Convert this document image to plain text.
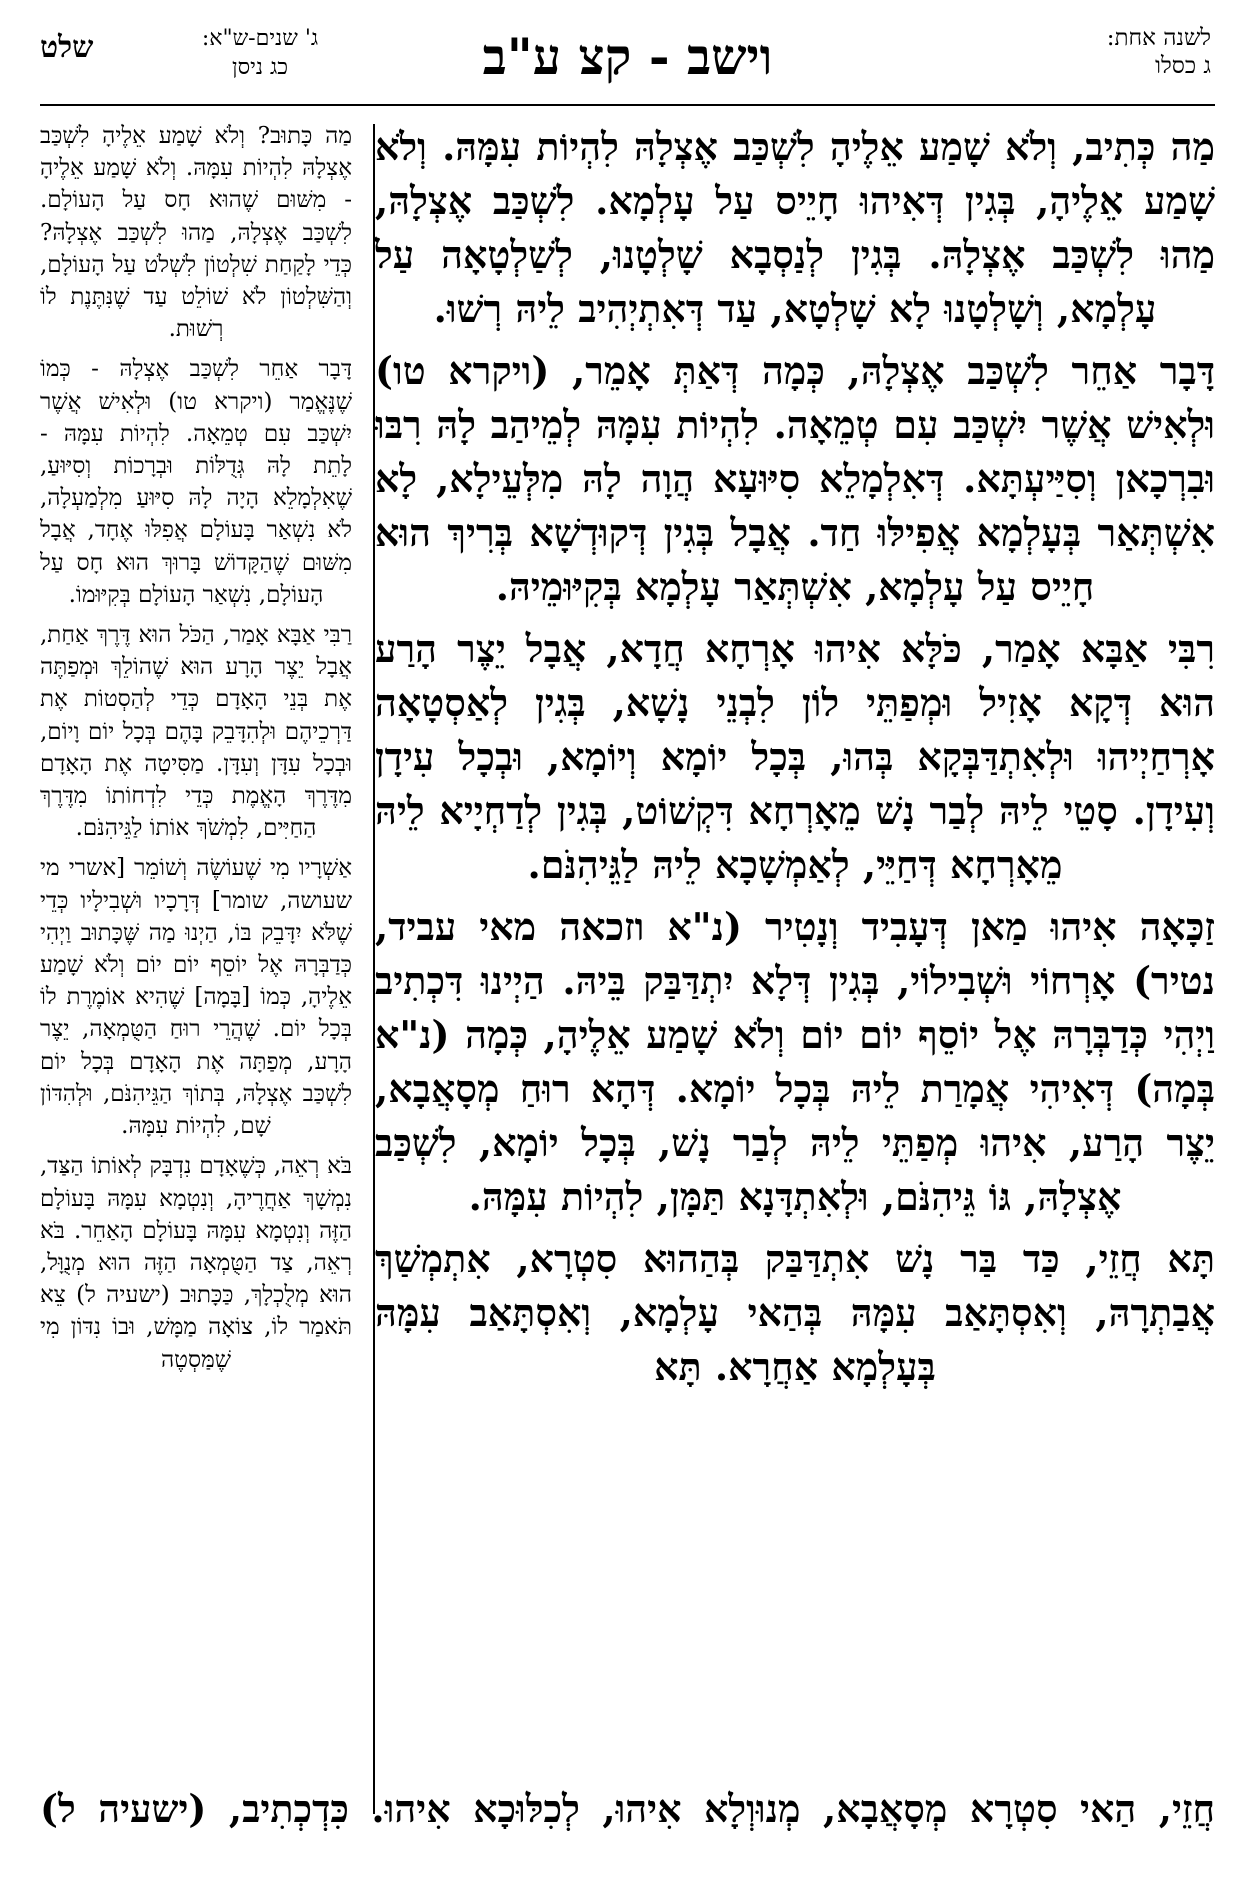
לשנה אחת:
ג כסלו
וישב - קצ ע"ב
ג' שנים-ש"א:
כג ניסן
שלט

מַה כְּתִיב, וְלֹא שָׁמַע אֵלֶיהָ לִשְׁכַּב אֶצְלָהּ לִהְיוֹת עִמָּהּ. וְלֹא שָׁמַע אֵלֶיהָ, בְּגִין דְּאִיהוּ חָיֵיס עַל עָלְמָא. לִשְׁכַּב אֶצְלָהּ, מַהוּ לִשְׁכַּב אֶצְלָהּ. בְּגִין לְנַסְבָא שָׁלְטָנוּ, לְשַׁלְטָאָה עַל עָלְמָא, וְשָׁלְטָנוּ לָא שָׁלְטָא, עַד דְּאִתְיְהִיב לֵיהּ רְשׁוּ.

דָּבָר אַחֵר לִשְׁכַּב אֶצְלָהּ, כְּמָה דְּאַתְּ אָמֵר, (ויקרא טו) וּלְאִישׁ אֲשֶׁר יִשְׁכַּב עִם טְמֵאָה. לִהְיוֹת עִמָּהּ לְמֵיהַב לָהּ רִבּוּ וּבִרְכָאן וְסִיַּיעְתָּא. דְּאִלְמָלֵא סִיּוּעָא הֲוָה לָהּ מִלְּעֵילָא, לָא אִשְׁתְּאַר בְּעָלְמָא אֲפִילּוּ חַד. אֲבָל בְּגִין דְּקוּדְשָׁא בְּרִיךְ הוּא חָיֵיס עַל עָלְמָא, אִשְׁתְּאַר עָלְמָא בְּקִיּוּמֵיהּ.

רִבִּי אַבָּא אָמַר, כֹּלָּא אִיהוּ אָרְחָא חֲדָא, אֲבָל יֵצֶר הָרַע הוּא דְּקָא אָזִיל וּמְפַתֵּי לוֹן לִבְנֵי נָשָׁא, בְּגִין לְאַסְטָאָה אָרְחַיְיהוּ וּלְאִתְדַּבְּקָא בְּהוּ, בְּכָל יוֹמָא וְיוֹמָא, וּבְכָל עִידָן וְעִידָן. סָטֵי לֵיהּ לְבַר נָשׁ מֵאָרְחָא דִּקְשׁוֹט, בְּגִין לְדַחְיָיא לֵיהּ מֵאָרְחָא דְּחַיֵּי, לְאַמְשָׁכָא לֵיהּ לַגֵּיהִנֹּם.

זַכָּאָה אִיהוּ מַאן דְּעָבִיד וְנָטִיר (נ"א וזכאה מאי עביד, נטיר) אָרְחוֹי וּשְׁבִילוֹי, בְּגִין דְּלָא יִתְדַּבַּק בֵּיהּ. הַיְינוּ דִּכְתִיב וַיְהִי כְּדַבְּרָהּ אֶל יוֹסֵף יוֹם יוֹם וְלֹא שָׁמַע אֵלֶיהָ, כְּמָה (נ"א בְּמָה) דְּאִיהִי אֲמָרַת לֵיהּ בְּכָל יוֹמָא. דְּהָא רוּחַ מְסָאֲבָא, יֵצֶר הָרַע, אִיהוּ מְפַתֵּי לֵיהּ לְבַר נָשׁ, בְּכָל יוֹמָא, לִשְׁכַּב אֶצְלָהּ, גּוֹ גֵּיהִנֹּם, וּלְאִתְדָּנָא תַּמָּן, לִהְיוֹת עִמָּהּ.

תָּא חֲזֵי, כַּד בַּר נָשׁ אִתְדַּבַּק בְּהַהוּא סִטְרָא, אִתְמְשַׁךְ אֲבַתְרָהּ, וְאִסְתָּאַב עִמָּהּ בְּהַאי עָלְמָא, וְאִסְתָּאַב עִמָּהּ בְּעָלְמָא אַחֲרָא. תָּא

מַה כָּתוּב? וְלֹא שָׁמַע אֵלֶיהָ לִשְׁכַּב אֶצְלָהּ לִהְיוֹת עִמָּהּ. וְלֹא שָׁמַע אֵלֶיהָ - מִשּׁוּם שֶׁהוּא חָס עַל הָעוֹלָם. לִשְׁכַּב אֶצְלָהּ, מַהוּ לִשְׁכַּב אֶצְלָהּ? כְּדֵי לָקַחַת שִׁלְטוֹן לִשְׁלֹט עַל הָעוֹלָם, וְהַשִּׁלְטוֹן לֹא שׁוֹלֵט עַד שֶׁנִּתֶּנֶת לוֹ רְשׁוּת.

דָּבָר אַחֵר לִשְׁכַּב אֶצְלָהּ - כְּמוֹ שֶׁנֶּאֱמַר (ויקרא טו) וּלְאִישׁ אֲשֶׁר יִשְׁכַּב עִם טְמֵאָה. לִהְיוֹת עִמָּהּ - לָתֵת לָהּ גְּדֻלּוֹת וּבְרָכוֹת וְסִיּוּעַ, שֶׁאִלְמָלֵא הָיָה לָהּ סִיּוּעַ מִלְמַעְלָה, לֹא נִשְׁאַר בָּעוֹלָם אֲפִלּוּ אֶחָד, אֲבָל מִשּׁוּם שֶׁהַקָּדוֹשׁ בָּרוּךְ הוּא חָס עַל הָעוֹלָם, נִשְׁאַר הָעוֹלָם בְּקִיּוּמוֹ.

רַבִּי אַבָּא אָמַר, הַכֹּל הוּא דֶּרֶךְ אַחַת, אֲבָל יֵצֶר הָרָע הוּא שֶׁהוֹלֵךְ וּמְפַתֶּה אֶת בְּנֵי הָאָדָם כְּדֵי לְהַסְטוֹת אֶת דַּרְכֵיהֶם וּלְהִדָּבֵק בָּהֶם בְּכָל יוֹם וָיוֹם, וּבְכָל עִדָּן וְעִדָּן. מַסִּיטָה אֶת הָאָדָם מִדֶּרֶךְ הָאֱמֶת כְּדֵי לִדְחוֹתוֹ מִדֶּרֶךְ הַחַיִּים, לִמְשֹׁךְ אוֹתוֹ לַגֵּיהִנֹּם.

אַשְׁרָיו מִי שֶׁעוֹשֶׂה וְשׁוֹמֵר [אשרי מי שעושה, שומר] דְּרָכָיו וּשְׁבִילָיו כְּדֵי שֶׁלֹּא יִדָּבֵק בּוֹ, הַיְנוּ מַה שֶּׁכָּתוּב וַיְהִי כְּדַבְּרָהּ אֶל יוֹסֵף יוֹם יוֹם וְלֹא שָׁמַע אֵלֶיהָ, כְּמוֹ [בָּמָה] שֶׁהִיא אוֹמֶרֶת לוֹ בְּכָל יוֹם. שֶׁהֲרֵי רוּחַ הַטֻּמְאָה, יֵצֶר הָרָע, מְפַתָּה אֶת הָאָדָם בְּכָל יוֹם לִשְׁכַּב אֶצְלָהּ, בְּתוֹךְ הַגֵּיהִנֹּם, וּלְהִדּוֹן שָׁם, לִהְיוֹת עִמָּהּ.

בֹּא רְאֵה, כְּשֶׁאָדָם נִדְבָּק לְאוֹתוֹ הַצַּד, נִמְשָׁךְ אַחֲרֶיהָ, וְנִטְמָא עִמָּהּ בָּעוֹלָם הַזֶּה וְנִטְמָא עִמָּהּ בָּעוֹלָם הָאַחֵר. בֹּא רְאֵה, צַד הַטֻּמְאָה הַזֶּה הוּא מְנֻוָּל, הוּא מְלֻכְלָךְ, כַּכָּתוּב (ישעיה ל) צֵא תֹּאמַר לוֹ, צוֹאָה מַמָּשׁ, וּבוֹ נִדּוֹן מִי שֶׁמַּסְטֶה

חֲזֵי, הַאי סִטְרָא מְסָאֲבָא, מְנוּוְלָא אִיהוּ, לְכִלּוּכָא אִיהוּ. כִּדְכְתִיב, (ישעיה ל)
